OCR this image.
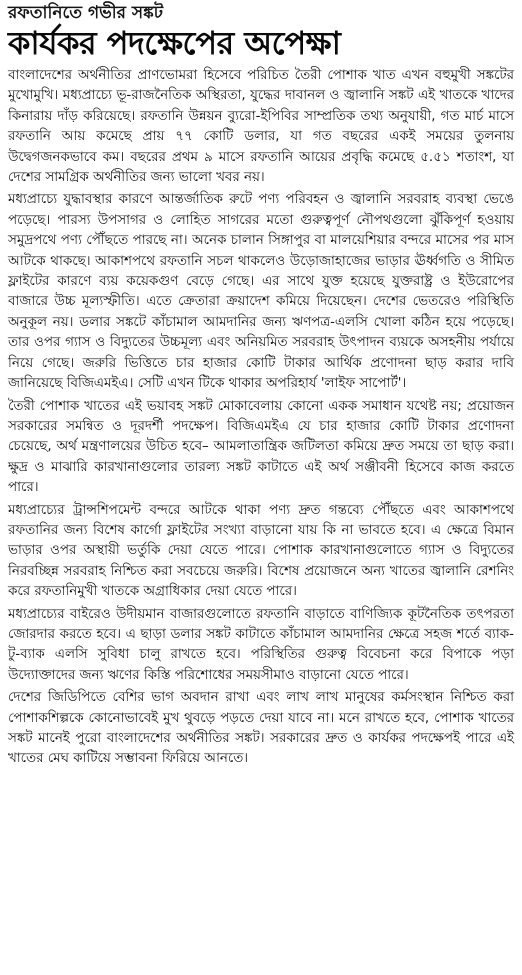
রফতানিতে গভীর সঙ্কট
কার্যকর পদক্ষেপের অপেক্ষা

বাংলাদেশের অর্থনীতির প্রাণভোমরা হিসেবে পরিচিত তৈরী পোশাক খাত এখন বহুমুখী সঙ্কটের মুখোমুখি। মধ্যপ্রাচ্যে ভূ-রাজনৈতিক অস্থিরতা, যুদ্ধের দাবানল ও জ্বালানি সঙ্কট এই খাতকে খাদের কিনারায় দাঁড় করিয়েছে। রফতানি উন্নয়ন ব্যুরো-ইপিবির সাম্প্রতিক তথ্য অনুযায়ী, গত মার্চ মাসে রফতানি আয় কমেছে প্রায় ৭৭ কোটি ডলার, যা গত বছরের একই সময়ের তুলনায় উদ্বেগজনকভাবে কম। বছরের প্রথম ৯ মাসে রফতানি আয়ের প্রবৃদ্ধি কমেছে ৫.৫১ শতাংশ, যা দেশের সামগ্রিক অর্থনীতির জন্য ভালো খবর নয়।

মধ্যপ্রাচ্যে যুদ্ধাবস্থার কারণে আন্তর্জাতিক রুটে পণ্য পরিবহন ও জ্বালানি সরবরাহ ব্যবস্থা ভেঙে পড়েছে। পারস্য উপসাগর ও লোহিত সাগরের মতো গুরুত্বপূর্ণ নৌপথগুলো ঝুঁকিপূর্ণ হওয়ায় সমুদ্রপথে পণ্য পৌঁছতে পারছে না। অনেক চালান সিঙ্গাপুর বা মালয়েশিয়ার বন্দরে মাসের পর মাস আটকে থাকছে। আকাশপথে রফতানি সচল থাকলেও উড়োজাহাজের ভাড়ার ঊর্ধ্বগতি ও সীমিত ফ্লাইটের কারণে ব্যয় কয়েকগুণ বেড়ে গেছে। এর সাথে যুক্ত হয়েছে যুক্তরাষ্ট্র ও ইউরোপের বাজারে উচ্চ মূল্যস্ফীতি। এতে ক্রেতারা ক্রয়াদেশ কমিয়ে দিয়েছেন। দেশের ভেতরেও পরিস্থিতি অনুকূল নয়। ডলার সঙ্কটে কাঁচামাল আমদানির জন্য ঋণপত্র-এলসি খোলা কঠিন হয়ে পড়েছে। তার ওপর গ্যাস ও বিদ্যুতের উচ্চমূল্য এবং অনিয়মিত সরবরাহ উৎপাদন ব্যয়কে অসহনীয় পর্যায়ে নিয়ে গেছে। জরুরি ভিত্তিতে চার হাজার কোটি টাকার আর্থিক প্রণোদনা ছাড় করার দাবি জানিয়েছে বিজিএমইএ। সেটি এখন টিকে থাকার অপরিহার্য 'লাইফ সাপোর্ট'।

তৈরী পোশাক খাতের এই ভয়াবহ সঙ্কট মোকাবেলায় কোনো একক সমাধান যথেষ্ট নয়; প্রয়োজন সরকারের সমন্বিত ও দূরদর্শী পদক্ষেপ। বিজিএমইএ যে চার হাজার কোটি টাকার প্রণোদনা চেয়েছে, অর্থ মন্ত্রণালয়ের উচিত হবে– আমলাতান্ত্রিক জটিলতা কমিয়ে দ্রুত সময়ে তা ছাড় করা। ক্ষুদ্র ও মাঝারি কারখানাগুলোর তারল্য সঙ্কট কাটাতে এই অর্থ সঞ্জীবনী হিসেবে কাজ করতে পারে।

মধ্যপ্রাচ্যের ট্রান্সশিপমেন্ট বন্দরে আটকে থাকা পণ্য দ্রুত গন্তব্যে পৌঁছতে এবং আকাশপথে রফতানির জন্য বিশেষ কার্গো ফ্লাইটের সংখ্যা বাড়ানো যায় কি না ভাবতে হবে। এ ক্ষেত্রে বিমান ভাড়ার ওপর অস্থায়ী ভর্তুকি দেয়া যেতে পারে। পোশাক কারখানাগুলোতে গ্যাস ও বিদ্যুতের নিরবচ্ছিন্ন সরবরাহ নিশ্চিত করা সবচেয়ে জরুরি। বিশেষ প্রয়োজনে অন্য খাতের জ্বালানি রেশনিং করে রফতানিমুখী খাতকে অগ্রাধিকার দেয়া যেতে পারে।

মধ্যপ্রাচ্যের বাইরেও উদীয়মান বাজারগুলোতে রফতানি বাড়াতে বাণিজ্যিক কূটনৈতিক তৎপরতা জোরদার করতে হবে। এ ছাড়া ডলার সঙ্কট কাটাতে কাঁচামাল আমদানির ক্ষেত্রে সহজ শর্তে ব্যাক-টু-ব্যাক এলসি সুবিধা চালু রাখতে হবে। পরিস্থিতির গুরুত্ব বিবেচনা করে বিপাকে পড়া উদ্যোক্তাদের জন্য ঋণের কিস্তি পরিশোধের সময়সীমাও বাড়ানো যেতে পারে।

দেশের জিডিপিতে বেশির ভাগ অবদান রাখা এবং লাখ লাখ মানুষের কর্মসংস্থান নিশ্চিত করা পোশাকশিল্পকে কোনোভাবেই মুখ থুবড়ে পড়তে দেয়া যাবে না। মনে রাখতে হবে, পোশাক খাতের সঙ্কট মানেই পুরো বাংলাদেশের অর্থনীতির সঙ্কট। সরকারের দ্রুত ও কার্যকর পদক্ষেপই পারে এই খাতের মেঘ কাটিয়ে সম্ভাবনা ফিরিয়ে আনতে।
